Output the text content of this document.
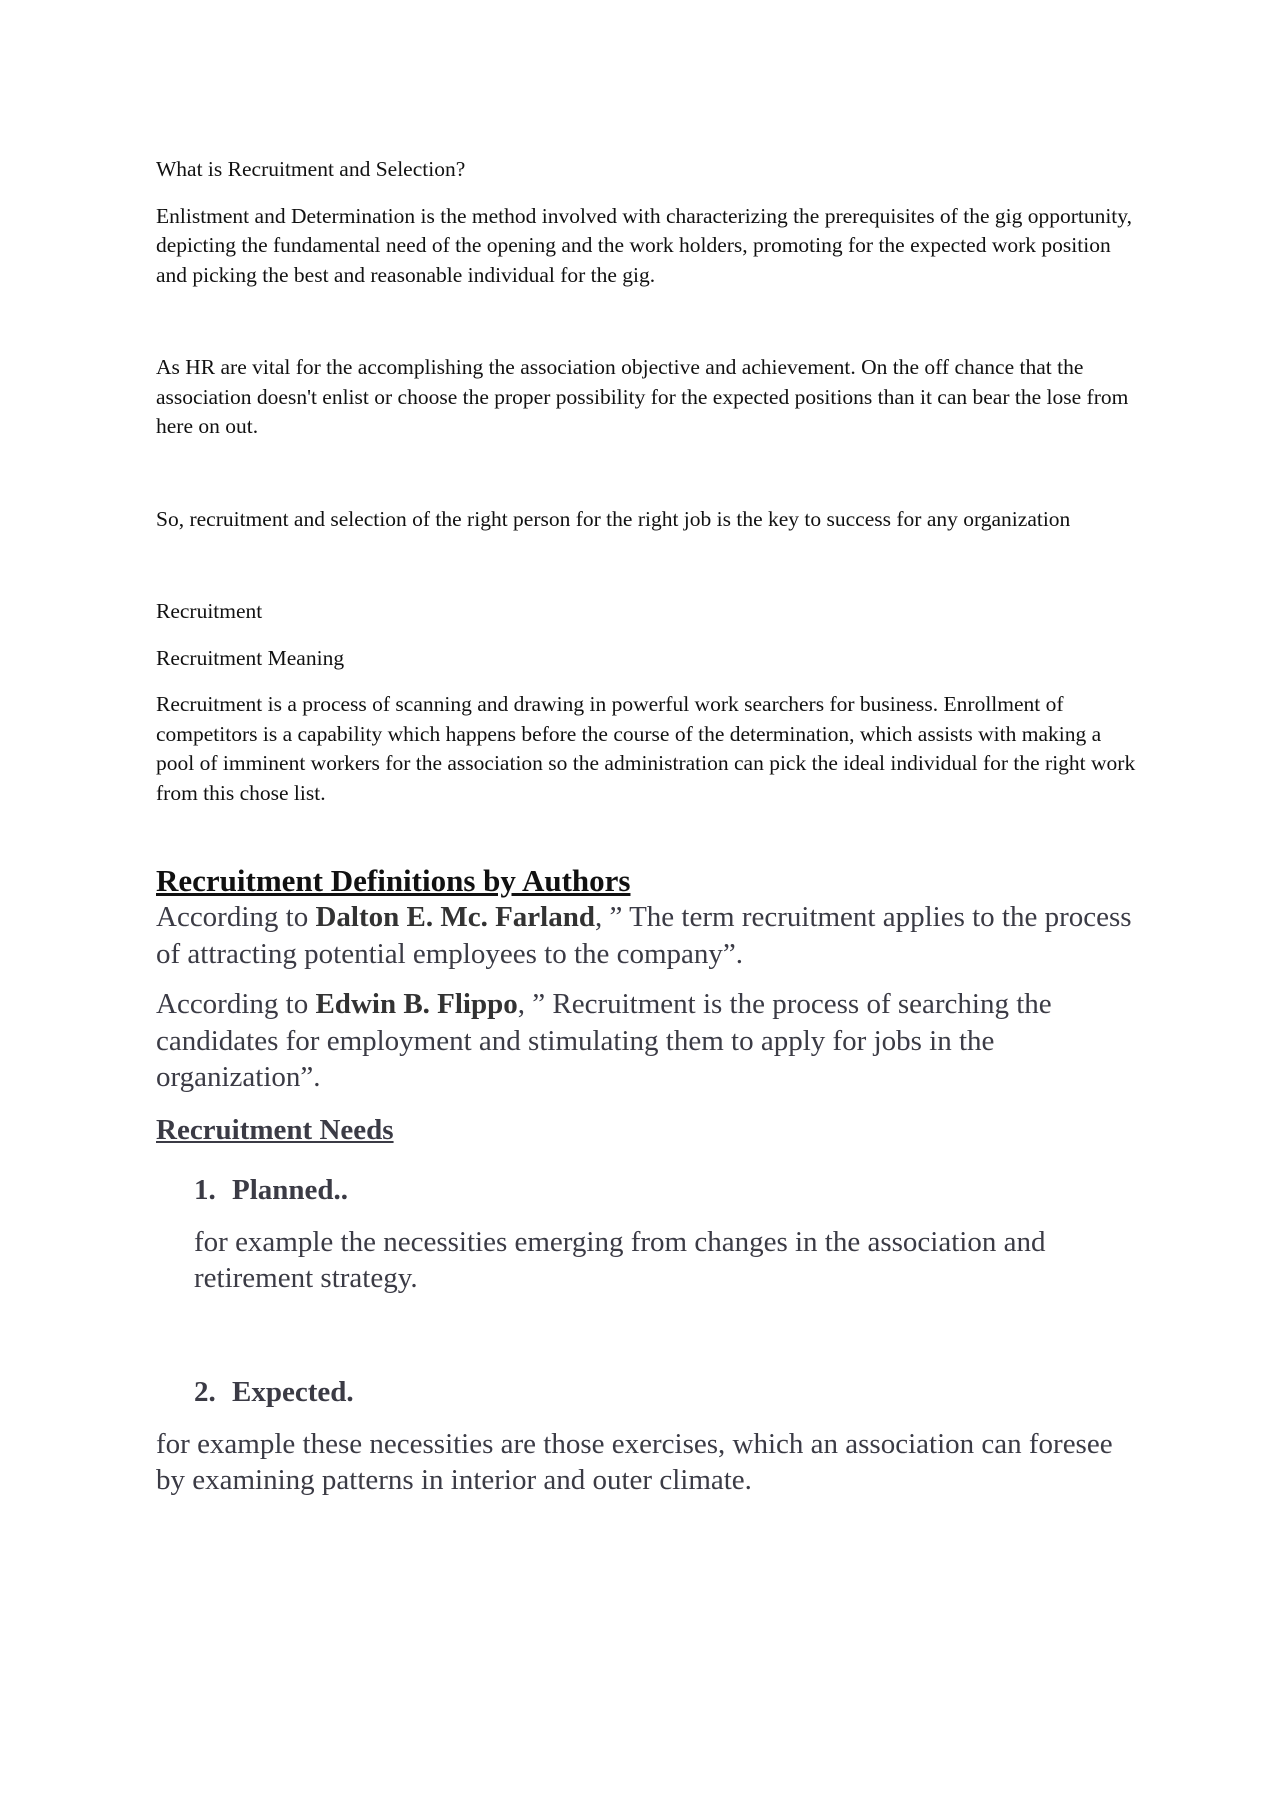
What is Recruitment and Selection?

Enlistment and Determination is the method involved with characterizing the prerequisites of the gig opportunity, depicting the fundamental need of the opening and the work holders, promoting for the expected work position and picking the best and reasonable individual for the gig.

As HR are vital for the accomplishing the association objective and achievement. On the off chance that the association doesn't enlist or choose the proper possibility for the expected positions than it can bear the lose from here on out.

So, recruitment and selection of the right person for the right job is the key to success for any organization

Recruitment

Recruitment Meaning

Recruitment is a process of scanning and drawing in powerful work searchers for business. Enrollment of competitors is a capability which happens before the course of the determination, which assists with making a pool of imminent workers for the association so the administration can pick the ideal individual for the right work from this chose list.

Recruitment Definitions by Authors

According to Dalton E. Mc. Farland, ” The term recruitment applies to the process of attracting potential employees to the company”.

According to Edwin B. Flippo, ” Recruitment is the process of searching the candidates for employment and stimulating them to apply for jobs in the organization”.

Recruitment Needs

1. Planned..

for example the necessities emerging from changes in the association and retirement strategy.

2. Expected.

for example these necessities are those exercises, which an association can foresee by examining patterns in interior and outer climate.
